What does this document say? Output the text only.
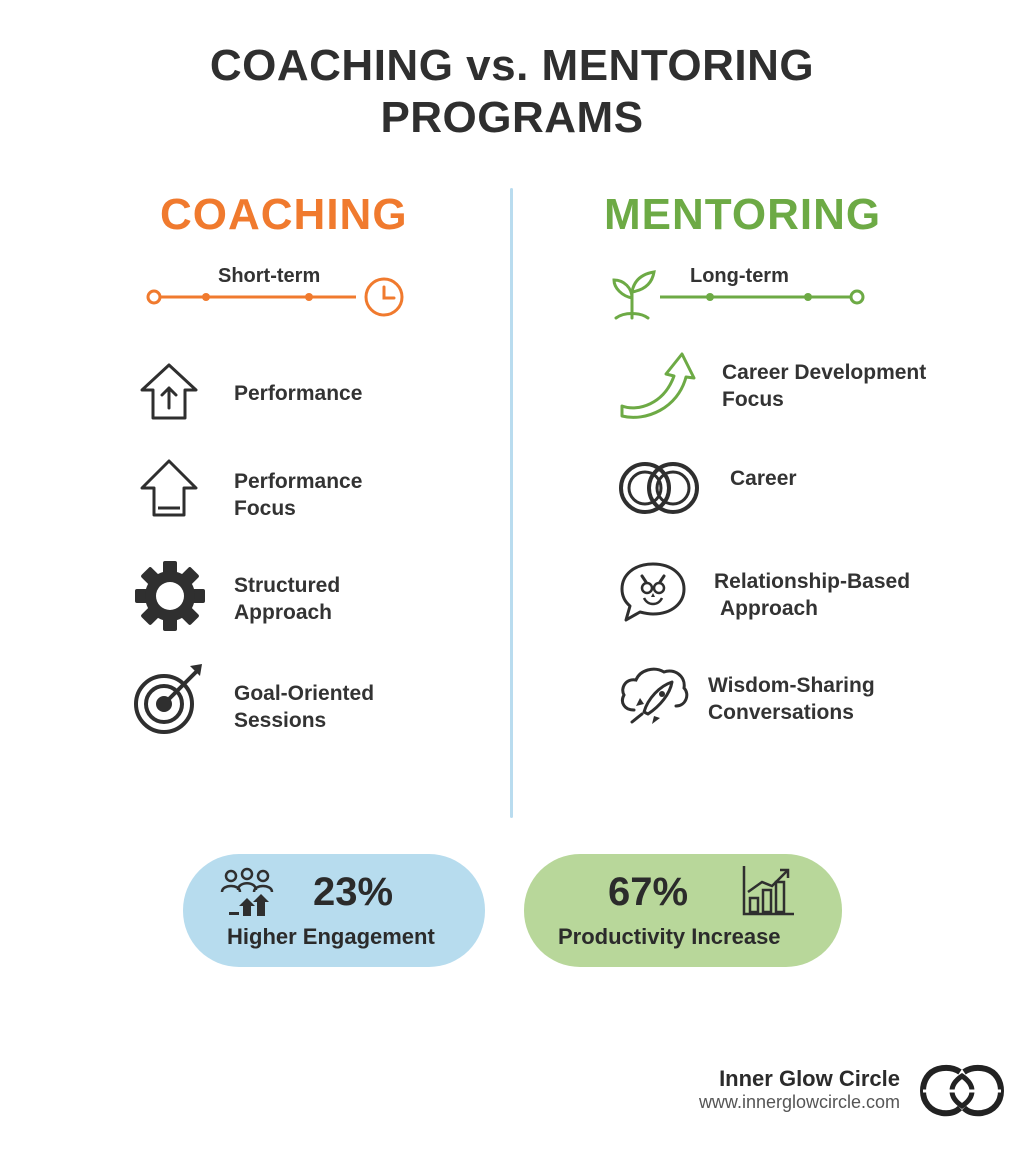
COACHING vs. MENTORING
PROGRAMS
COACHING
Short-term
Performance
Performance
Focus
Structured
Approach
Goal-Oriented
Sessions
MENTORING
Long-term
Career Development
Focus
Career
Relationship-Based
Approach
Wisdom-Sharing
Conversations
23%
Higher Engagement
67%
Productivity Increase
Inner Glow Circle
www.innerglowcircle.com
